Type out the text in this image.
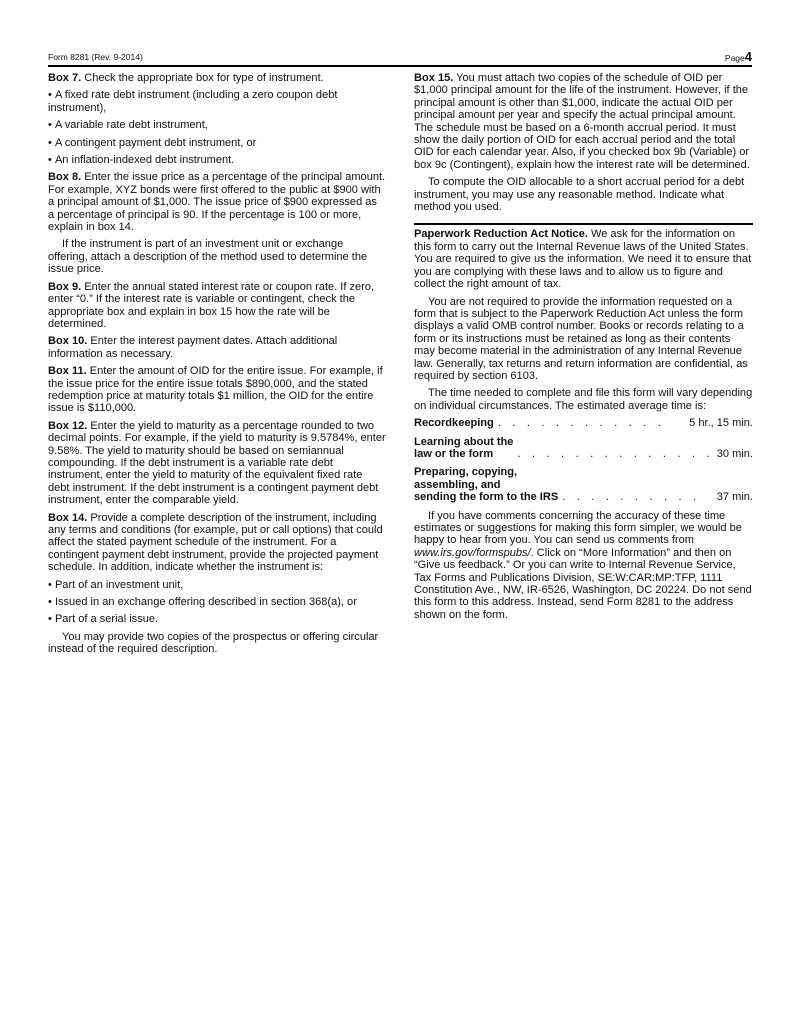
Form 8281 (Rev. 9-2014)	Page4

Box 7. Check the appropriate box for type of instrument.

• A fixed rate debt instrument (including a zero coupon debt instrument),

• A variable rate debt instrument,

• A contingent payment debt instrument, or

• An inflation-indexed debt instrument.

Box 8. Enter the issue price as a percentage of the principal amount. For example, XYZ bonds were first offered to the public at $900 with a principal amount of $1,000. The issue price of $900 expressed as a percentage of principal is 90. If the percentage is 100 or more, explain in box 14.

If the instrument is part of an investment unit or exchange offering, attach a description of the method used to determine the issue price.

Box 9. Enter the annual stated interest rate or coupon rate. If zero, enter “0.” If the interest rate is variable or contingent, check the appropriate box and explain in box 15 how the rate will be determined.

Box 10. Enter the interest payment dates. Attach additional information as necessary.

Box 11. Enter the amount of OID for the entire issue. For example, if the issue price for the entire issue totals $890,000, and the stated redemption price at maturity totals $1 million, the OID for the entire issue is $110,000.

Box 12. Enter the yield to maturity as a percentage rounded to two decimal points. For example, if the yield to maturity is 9.5784%, enter 9.58%. The yield to maturity should be based on semiannual compounding. If the debt instrument is a variable rate debt instrument, enter the yield to maturity of the equivalent fixed rate debt instrument. If the debt instrument is a contingent payment debt instrument, enter the comparable yield.

Box 14. Provide a complete description of the instrument, including any terms and conditions (for example, put or call options) that could affect the stated payment schedule of the instrument. For a contingent payment debt instrument, provide the projected payment schedule. In addition, indicate whether the instrument is:

• Part of an investment unit,

• Issued in an exchange offering described in section 368(a), or

• Part of a serial issue.

You may provide two copies of the prospectus or offering circular instead of the required description.

Box 15. You must attach two copies of the schedule of OID per $1,000 principal amount for the life of the instrument. However, if the principal amount is other than $1,000, indicate the actual OID per principal amount per year and specify the actual principal amount. The schedule must be based on a 6-month accrual period. It must show the daily portion of OID for each accrual period and the total OID for each calendar year. Also, if you checked box 9b (Variable) or box 9c (Contingent), explain how the interest rate will be determined.

To compute the OID allocable to a short accrual period for a debt instrument, you may use any reasonable method. Indicate what method you used.

Paperwork Reduction Act Notice. We ask for the information on this form to carry out the Internal Revenue laws of the United States. You are required to give us the information. We need it to ensure that you are complying with these laws and to allow us to figure and collect the right amount of tax.

You are not required to provide the information requested on a form that is subject to the Paperwork Reduction Act unless the form displays a valid OMB control number. Books or records relating to a form or its instructions must be retained as long as their contents may become material in the administration of any Internal Revenue law. Generally, tax returns and return information are confidential, as required by section 6103.

The time needed to complete and file this form will vary depending on individual circumstances. The estimated average time is:

Recordkeeping . . . . . . . . . . . .	5 hr., 15 min.
Learning about the
law or the form	. . . . . . . . . . . . . . 30 min.
Preparing, copying,
assembling, and
sending the form to the IRS . . . . . . . . . .	37 min.

If you have comments concerning the accuracy of these time estimates or suggestions for making this form simpler, we would be happy to hear from you. You can send us comments from www.irs.gov/formspubs/. Click on “More Information” and then on “Give us feedback.” Or you can write to Internal Revenue Service, Tax Forms and Publications Division, SE:W:CAR:MP:TFP, 1111 Constitution Ave., NW, IR-6526, Washington, DC 20224. Do not send this form to this address. Instead, send Form 8281 to the address shown on the form.
